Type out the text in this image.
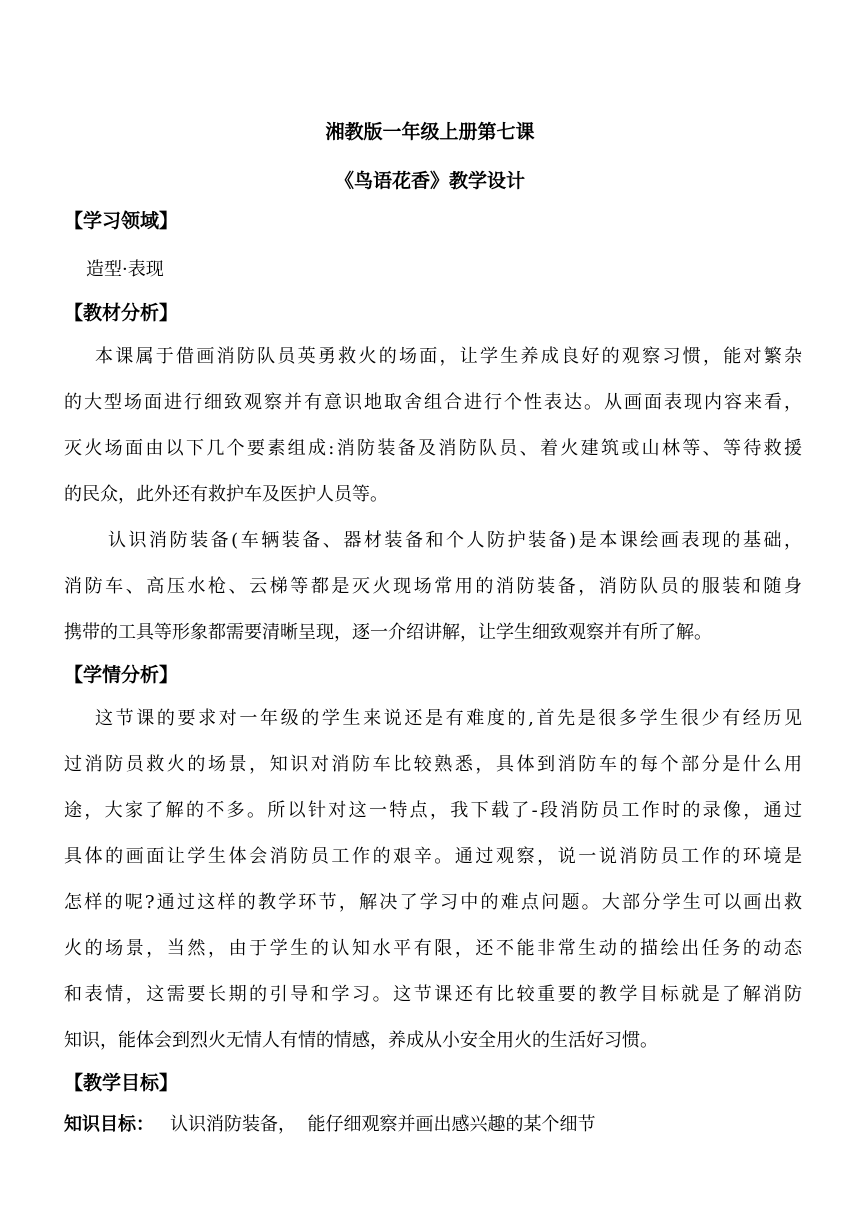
湘教版一年级上册第七课
《鸟语花香》教学设计
【学习领域】
造型·表现
【教材分析】
本课属于借画消防队员英勇救火的场面，让学生养成良好的观察习惯，能对繁杂
的大型场面进行细致观察并有意识地取舍组合进行个性表达。从画面表现内容来看，
灭火场面由以下几个要素组成:消防装备及消防队员、着火建筑或山林等、等待救援
的民众，此外还有救护车及医护人员等。
认识消防装备(车辆装备、器材装备和个人防护装备)是本课绘画表现的基础，
消防车、高压水枪、云梯等都是灭火现场常用的消防装备，消防队员的服装和随身
携带的工具等形象都需要清晰呈现，逐一介绍讲解，让学生细致观察并有所了解。
【学情分析】
这节课的要求对一年级的学生来说还是有难度的,首先是很多学生很少有经历见
过消防员救火的场景，知识对消防车比较熟悉，具体到消防车的每个部分是什么用
途，大家了解的不多。所以针对这一特点，我下载了-段消防员工作时的录像，通过
具体的画面让学生体会消防员工作的艰辛。通过观察，说一说消防员工作的环境是
怎样的呢?通过这样的教学环节，解决了学习中的难点问题。大部分学生可以画出救
火的场景，当然，由于学生的认知水平有限，还不能非常生动的描绘出任务的动态
和表情，这需要长期的引导和学习。这节课还有比较重要的教学目标就是了解消防
知识，能体会到烈火无情人有情的情感，养成从小安全用火的生活好习惯。
【教学目标】
知识目标： 认识消防装备，  能仔细观察并画出感兴趣的某个细节
